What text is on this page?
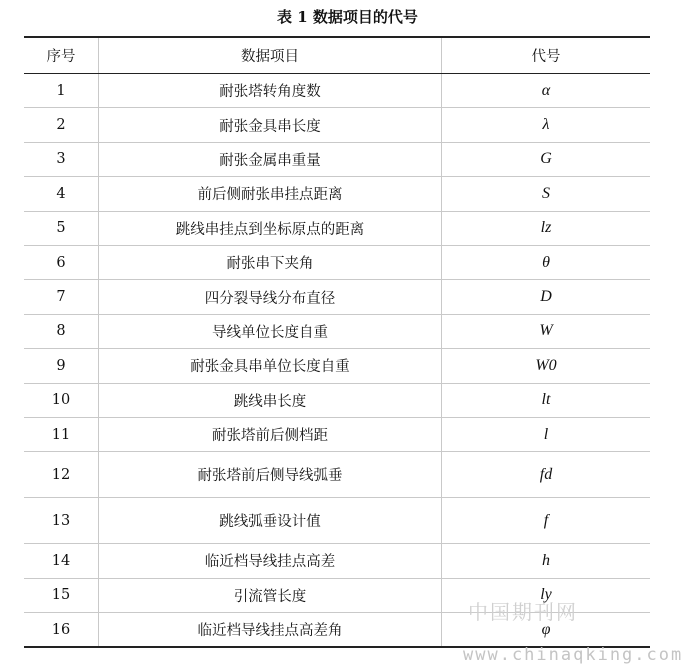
表 1 数据项目的代号
序号	数据项目	代号
1	耐张塔转角度数	α
2	耐张金具串长度	λ
3	耐张金属串重量	G
4	前后侧耐张串挂点距离	S
5	跳线串挂点到坐标原点的距离	lz
6	耐张串下夹角	θ
7	四分裂导线分布直径	D
8	导线单位长度自重	W
9	耐张金具串单位长度自重	W0
10	跳线串长度	lt
11	耐张塔前后侧档距	l
12	耐张塔前后侧导线弧垂	fd
13	跳线弧垂设计值	f
14	临近档导线挂点高差	h
15	引流管长度	ly
16	临近档导线挂点高差角	φ
中国期刊网
www.chinaqking.com
